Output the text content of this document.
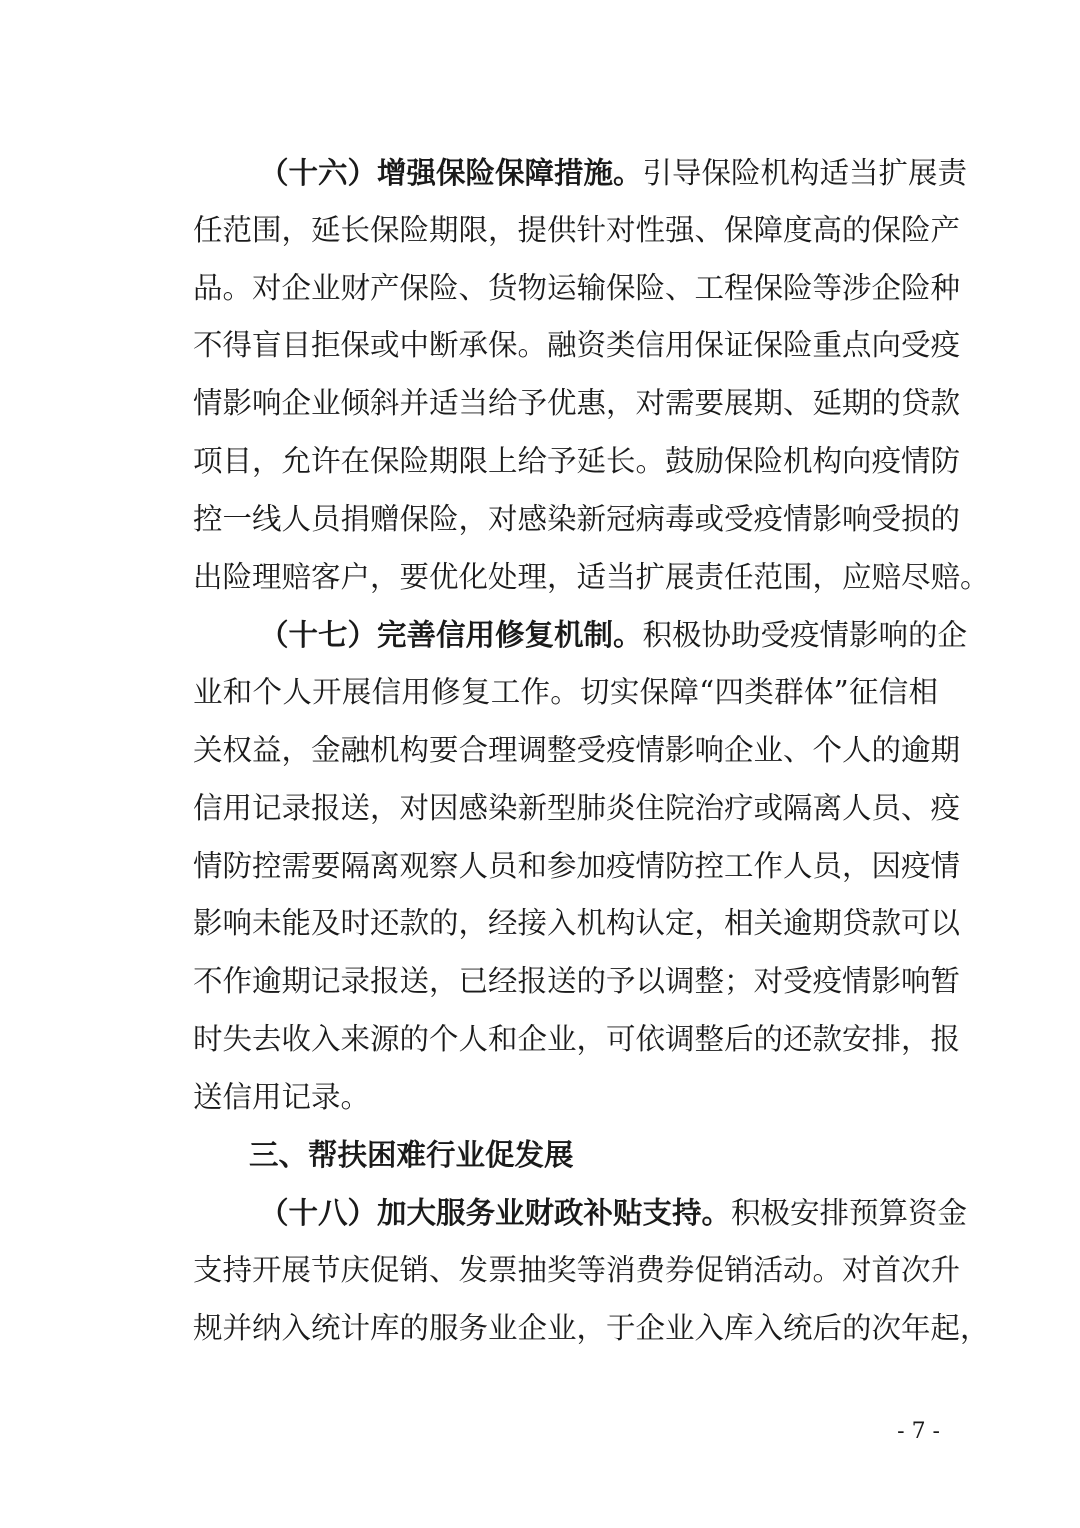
（十六）增强保险保障措施。引导保险机构适当扩展责
任范围，延长保险期限，提供针对性强、保障度高的保险产
品。对企业财产保险、货物运输保险、工程保险等涉企险种
不得盲目拒保或中断承保。融资类信用保证保险重点向受疫
情影响企业倾斜并适当给予优惠，对需要展期、延期的贷款
项目，允许在保险期限上给予延长。鼓励保险机构向疫情防
控一线人员捐赠保险，对感染新冠病毒或受疫情影响受损的
出险理赔客户，要优化处理，适当扩展责任范围，应赔尽赔。
（十七）完善信用修复机制。积极协助受疫情影响的企
业和个人开展信用修复工作。切实保障“四类群体”征信相
关权益，金融机构要合理调整受疫情影响企业、个人的逾期
信用记录报送，对因感染新型肺炎住院治疗或隔离人员、疫
情防控需要隔离观察人员和参加疫情防控工作人员，因疫情
影响未能及时还款的，经接入机构认定，相关逾期贷款可以
不作逾期记录报送，已经报送的予以调整；对受疫情影响暂
时失去收入来源的个人和企业，可依调整后的还款安排，报
送信用记录。
三、帮扶困难行业促发展
（十八）加大服务业财政补贴支持。积极安排预算资金
支持开展节庆促销、发票抽奖等消费券促销活动。对首次升
规并纳入统计库的服务业企业，于企业入库入统后的次年起，
- 7 -
